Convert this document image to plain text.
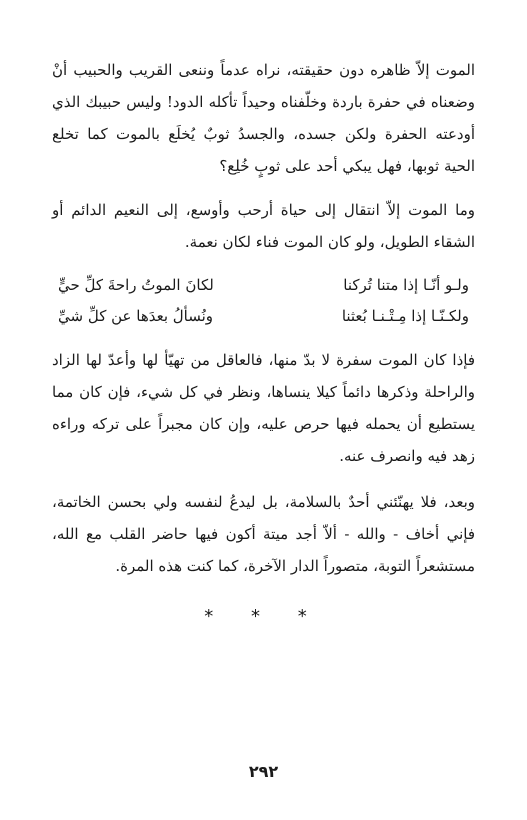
الموت إلاّ ظاهره دون حقيقته، نراه عدماً وننعى القريب والحبيب أنْ وضعناه في حفرة باردة وخلّفناه وحيداً تأكله الدود! وليس حبيبك الذي أودعته الحفرة ولكن جسده، والجسدُ ثوبٌ يُخلَع بالموت كما تخلع الحية ثوبها، فهل يبكي أحد على ثوبٍ خُلِع؟

وما الموت إلاّ انتقال إلى حياة أرحب وأوسع، إلى النعيم الدائم أو الشقاء الطويل، ولو كان الموت فناء لكان نعمة.

ولـو أنّـا إذا متنا تُركنا
لكانَ الموتُ راحةَ كلِّ حيٍّ
ولكـنّـا إذا مِـتْـنـا بُعثنا
ونُسألُ بعدَها عن كلِّ شيِّ

فإذا كان الموت سفرة لا بدّ منها، فالعاقل من تهيّأ لها وأعدّ لها الزاد والراحلة وذكرها دائماً كيلا ينساها، ونظر في كل شيء، فإن كان مما يستطيع أن يحمله فيها حرص عليه، وإن كان مجبراً على تركه وراءه زهد فيه وانصرف عنه.

وبعد، فلا يهنّئني أحدٌ بالسلامة، بل ليدعُ لنفسه ولي بحسن الخاتمة، فإني أخاف - والله - ألاّ أجد ميتة أكون فيها حاضر القلب مع الله، مستشعراً التوبة، متصوراً الدار الآخرة، كما كنت هذه المرة.

* * *
٢٩٢
